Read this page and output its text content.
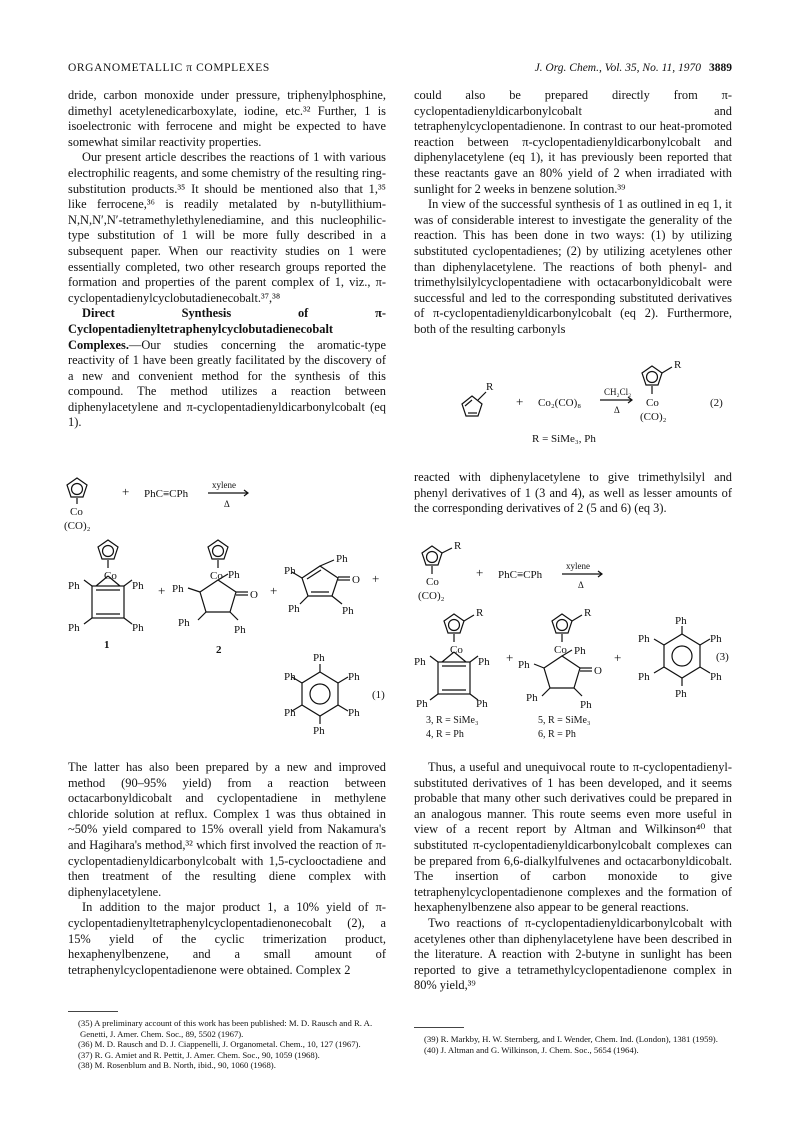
ORGANOMETALLIC π COMPLEXES	J. Org. Chem., Vol. 35, No. 11, 1970 3889

dride, carbon monoxide under pressure, triphenylphosphine, dimethyl acetylenedicarboxylate, iodine, etc.³² Further, 1 is isoelectronic with ferrocene and might be expected to have somewhat similar reactivity properties.

Our present article describes the reactions of 1 with various electrophilic reagents, and some chemistry of the resulting ring-substitution products.³⁵ It should be mentioned also that 1,³⁵ like ferrocene,³⁶ is readily metalated by n-butyllithium-N,N,N′,N′-tetramethylethylenediamine, and this nucleophilic-type substitution of 1 will be more fully described in a subsequent paper. When our reactivity studies on 1 were essentially completed, two other research groups reported the formation and properties of the parent complex of 1, viz., π-cyclopentadienylcyclobutadienecobalt.³⁷,³⁸

Direct Synthesis of π-Cyclopentadienyltetraphenylcyclobutadienecobalt Complexes.—Our studies concerning the aromatic-type reactivity of 1 have been greatly facilitated by the discovery of a new and convenient method for the synthesis of this compound. The method utilizes a reaction between diphenylacetylene and π-cyclopentadienyldicarbonylcobalt (eq 1).

could also be prepared directly from π-cyclopentadienyldicarbonylcobalt and tetraphenylcyclopentadienone. In contrast to our heat-promoted reaction between π-cyclopentadienyldicarbonylcobalt and diphenylacetylene (eq 1), it has previously been reported that these reactants gave an 80% yield of 2 when irradiated with sunlight for 2 weeks in benzene solution.³⁹

In view of the successful synthesis of 1 as outlined in eq 1, it was of considerable interest to investigate the generality of the reaction. This has been done in two ways: (1) by utilizing substituted cyclopentadienes; (2) by utilizing acetylenes other than diphenylacetylene. The reactions of both phenyl- and trimethylsilylcyclopentadiene with octacarbonyldicobalt were successful and led to the corresponding substituted derivatives of π-cyclopentadienyldicarbonylcobalt (eq 2). Furthermore, both of the resulting carbonyls

reacted with diphenylacetylene to give trimethylsilyl and phenyl derivatives of 1 (3 and 4), as well as lesser amounts of the corresponding derivatives of 2 (5 and 6) (eq 3).

The latter has also been prepared by a new and improved method (90–95% yield) from a reaction between octacarbonyldicobalt and cyclopentadiene in methylene chloride solution at reflux. Complex 1 was thus obtained in ~50% yield compared to 15% overall yield from Nakamura's and Hagihara's method,³² which first involved the reaction of π-cyclopentadienyldicarbonylcobalt with 1,5-cyclooctadiene and then treatment of the resulting diene complex with diphenylacetylene.

In addition to the major product 1, a 10% yield of π-cyclopentadienyltetraphenylcyclopentadienonecobalt (2), a 15% yield of the cyclic trimerization product, hexaphenylbenzene, and a small amount of tetraphenylcyclopentadienone were obtained. Complex 2

Thus, a useful and unequivocal route to π-cyclopentadienyl-substituted derivatives of 1 has been developed, and it seems probable that many other such derivatives could be prepared in an analogous manner. This route seems even more useful in view of a recent report by Altman and Wilkinson⁴⁰ that substituted π-cyclopentadienyldicarbonylcobalt complexes can be prepared from 6,6-dialkylfulvenes and octacarbonyldicobalt. The insertion of carbon monoxide to give tetraphenylcyclopentadienone complexes and the formation of hexaphenylbenzene also appear to be general reactions.

Two reactions of π-cyclopentadienyldicarbonylcobalt with acetylenes other than diphenylacetylene have been described in the literature. A reaction with 2-butyne in sunlight has been reported to give a tetramethylcyclopentadienone complex in 80% yield,³⁹

(35) A preliminary account of this work has been published: M. D. Rausch and R. A. Genetti, J. Amer. Chem. Soc., 89, 5502 (1967).
(36) M. D. Rausch and D. J. Ciappenelli, J. Organometal. Chem., 10, 127 (1967).
(37) R. G. Amiet and R. Pettit, J. Amer. Chem. Soc., 90, 1059 (1968).
(38) M. Rosenblum and B. North, ibid., 90, 1060 (1968).
(39) R. Markby, H. W. Sternberg, and I. Wender, Chem. Ind. (London), 1381 (1959).
(40) J. Altman and G. Wilkinson, J. Chem. Soc., 5654 (1964).
Co
(CO)₂
+ PhC≡CPh
xylene
Δ
Co
Ph	Ph
Ph	Ph
1
+
Co Ph
Ph	O
Ph
Ph
2
+
Ph
Ph
O +
Ph	Ph
Ph
Ph	Ph
Ph	Ph
Ph
(1)
R
+ Co₂(CO)₈
CH₂Cl₂
Δ
R
Co
(CO)₂
(2)
R = SiMe₃, Ph
R
Co
(CO)₂
+ PhC≡CPh
xylene
Δ
R
Co
Ph	Ph
Ph	Ph
+
R
Co Ph
Ph	O
Ph
Ph
+
Ph
Ph	Ph
Ph	Ph
Ph
(3)
3, R = SiMe₃
4, R = Ph
5, R = SiMe₃
6, R = Ph
